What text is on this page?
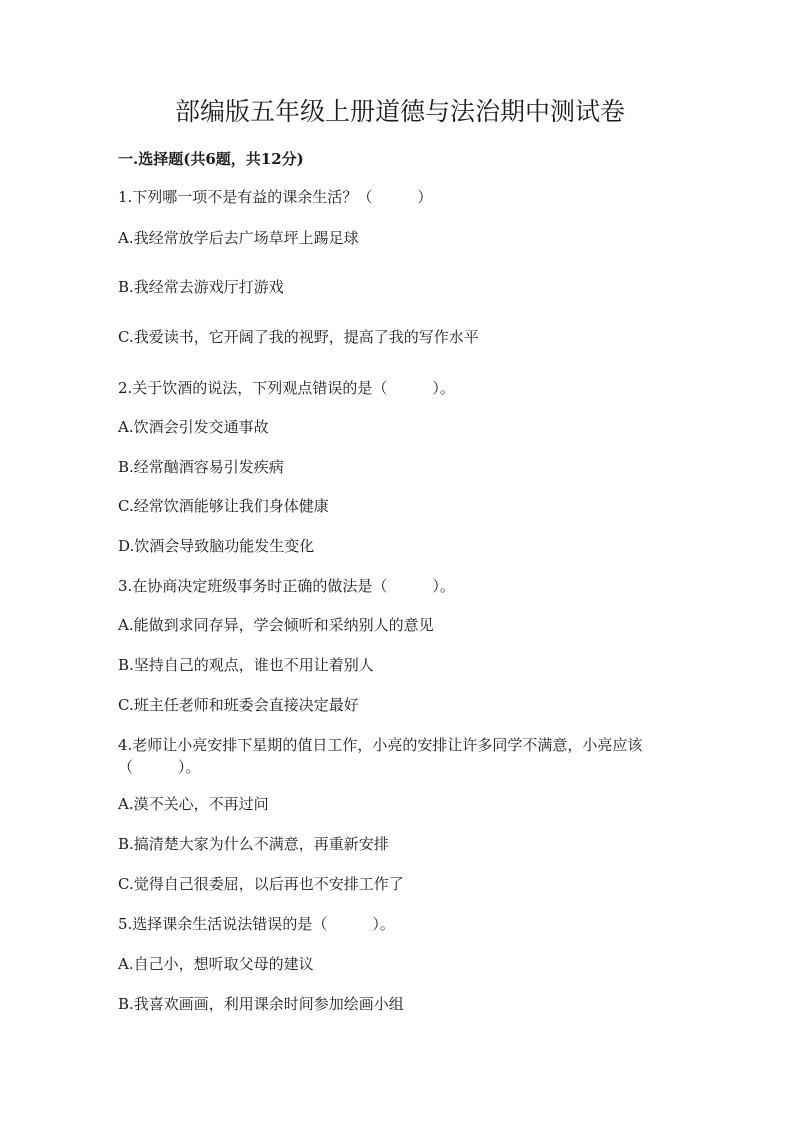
部编版五年级上册道德与法治期中测试卷
一.选择题(共6题，共12分)
1.下列哪一项不是有益的课余生活？（　　　）
A.我经常放学后去广场草坪上踢足球
B.我经常去游戏厅打游戏
C.我爱读书，它开阔了我的视野，提高了我的写作水平
2.关于饮酒的说法，下列观点错误的是（　　　）。
A.饮酒会引发交通事故
B.经常酗酒容易引发疾病
C.经常饮酒能够让我们身体健康
D.饮酒会导致脑功能发生变化
3.在协商决定班级事务时正确的做法是（　　　）。
A.能做到求同存异，学会倾听和采纳别人的意见
B.坚持自己的观点，谁也不用让着别人
C.班主任老师和班委会直接决定最好
4.老师让小亮安排下星期的值日工作，小亮的安排让许多同学不满意，小亮应该（　　　）。
A.漠不关心，不再过问
B.搞清楚大家为什么不满意，再重新安排
C.觉得自己很委屈，以后再也不安排工作了
5.选择课余生活说法错误的是（　　　）。
A.自己小，想听取父母的建议
B.我喜欢画画，利用课余时间参加绘画小组
